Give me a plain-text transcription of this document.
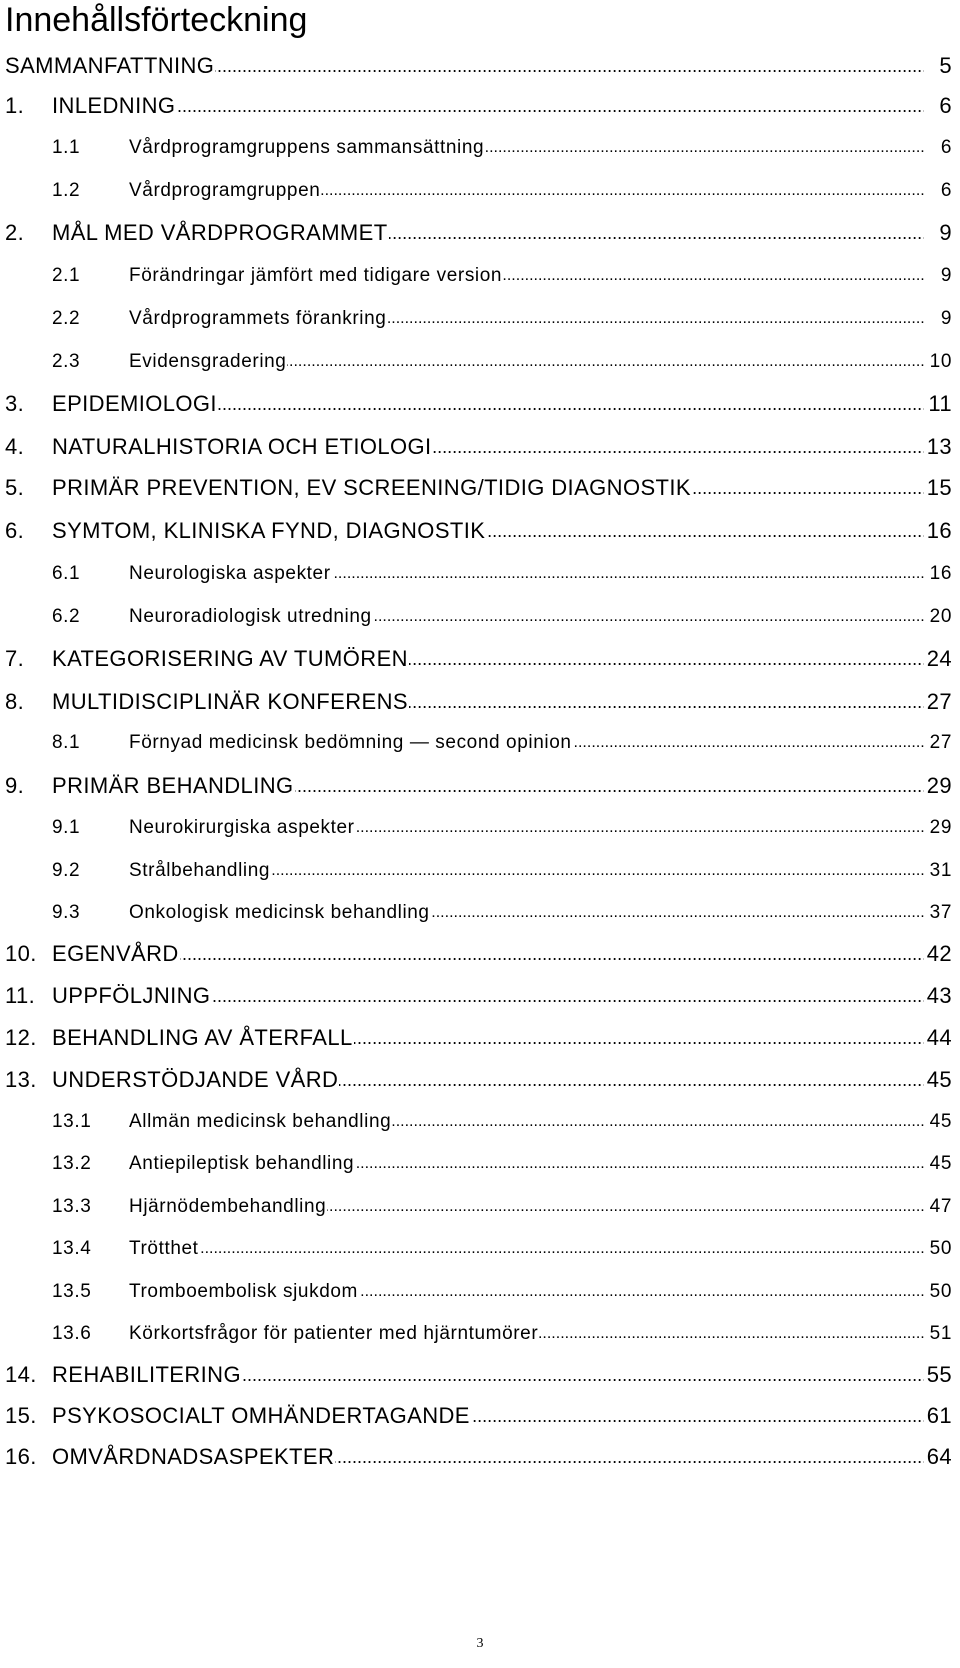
Innehållsförteckning
.....
SAMMANFATTNING	5
.....
1. INLEDNING	6
.....
1.1	Vårdprogramgruppens sammansättning	6
.....
1.2	Vårdprogramgruppen	6
.....
2. MÅL MED VÅRDPROGRAMMET	9
.....
2.1	Förändringar jämfört med tidigare version	9
.....
2.2	Vårdprogrammets förankring	9
.....
2.3	Evidensgradering	10
.....
3. EPIDEMIOLOGI	11
.....
4. NATURALHISTORIA OCH ETIOLOGI	13
.....
5. PRIMÄR PREVENTION, EV SCREENING/TIDIG DIAGNOSTIK	15
.....
6. SYMTOM, KLINISKA FYND, DIAGNOSTIK	16
.....
6.1	Neurologiska aspekter	16
.....
6.2	Neuroradiologisk utredning	20
.....
7. KATEGORISERING AV TUMÖREN	24
.....
8. MULTIDISCIPLINÄR KONFERENS	27
.....
8.1	Förnyad medicinsk bedömning — second opinion	27
.....
9. PRIMÄR BEHANDLING	29
.....
9.1	Neurokirurgiska aspekter	29
.....
9.2	Strålbehandling	31
.....
9.3	Onkologisk medicinsk behandling	37
.....
10. EGENVÅRD	42
.....
11. UPPFÖLJNING	43
.....
12. BEHANDLING AV ÅTERFALL	44
.....
13. UNDERSTÖDJANDE VÅRD	45
.....
13.1 Allmän medicinsk behandling	45
.....
13.2 Antiepileptisk behandling	45
.....
13.3 Hjärnödembehandling	47
.....
13.4 Trötthet	50
.....
13.5 Tromboembolisk sjukdom	50
.....
13.6 Körkortsfrågor för patienter med hjärntumörer	51
.....
14. REHABILITERING	55
.....
15. PSYKOSOCIALT OMHÄNDERTAGANDE	61
.....
16. OMVÅRDNADSASPEKTER	64
3
